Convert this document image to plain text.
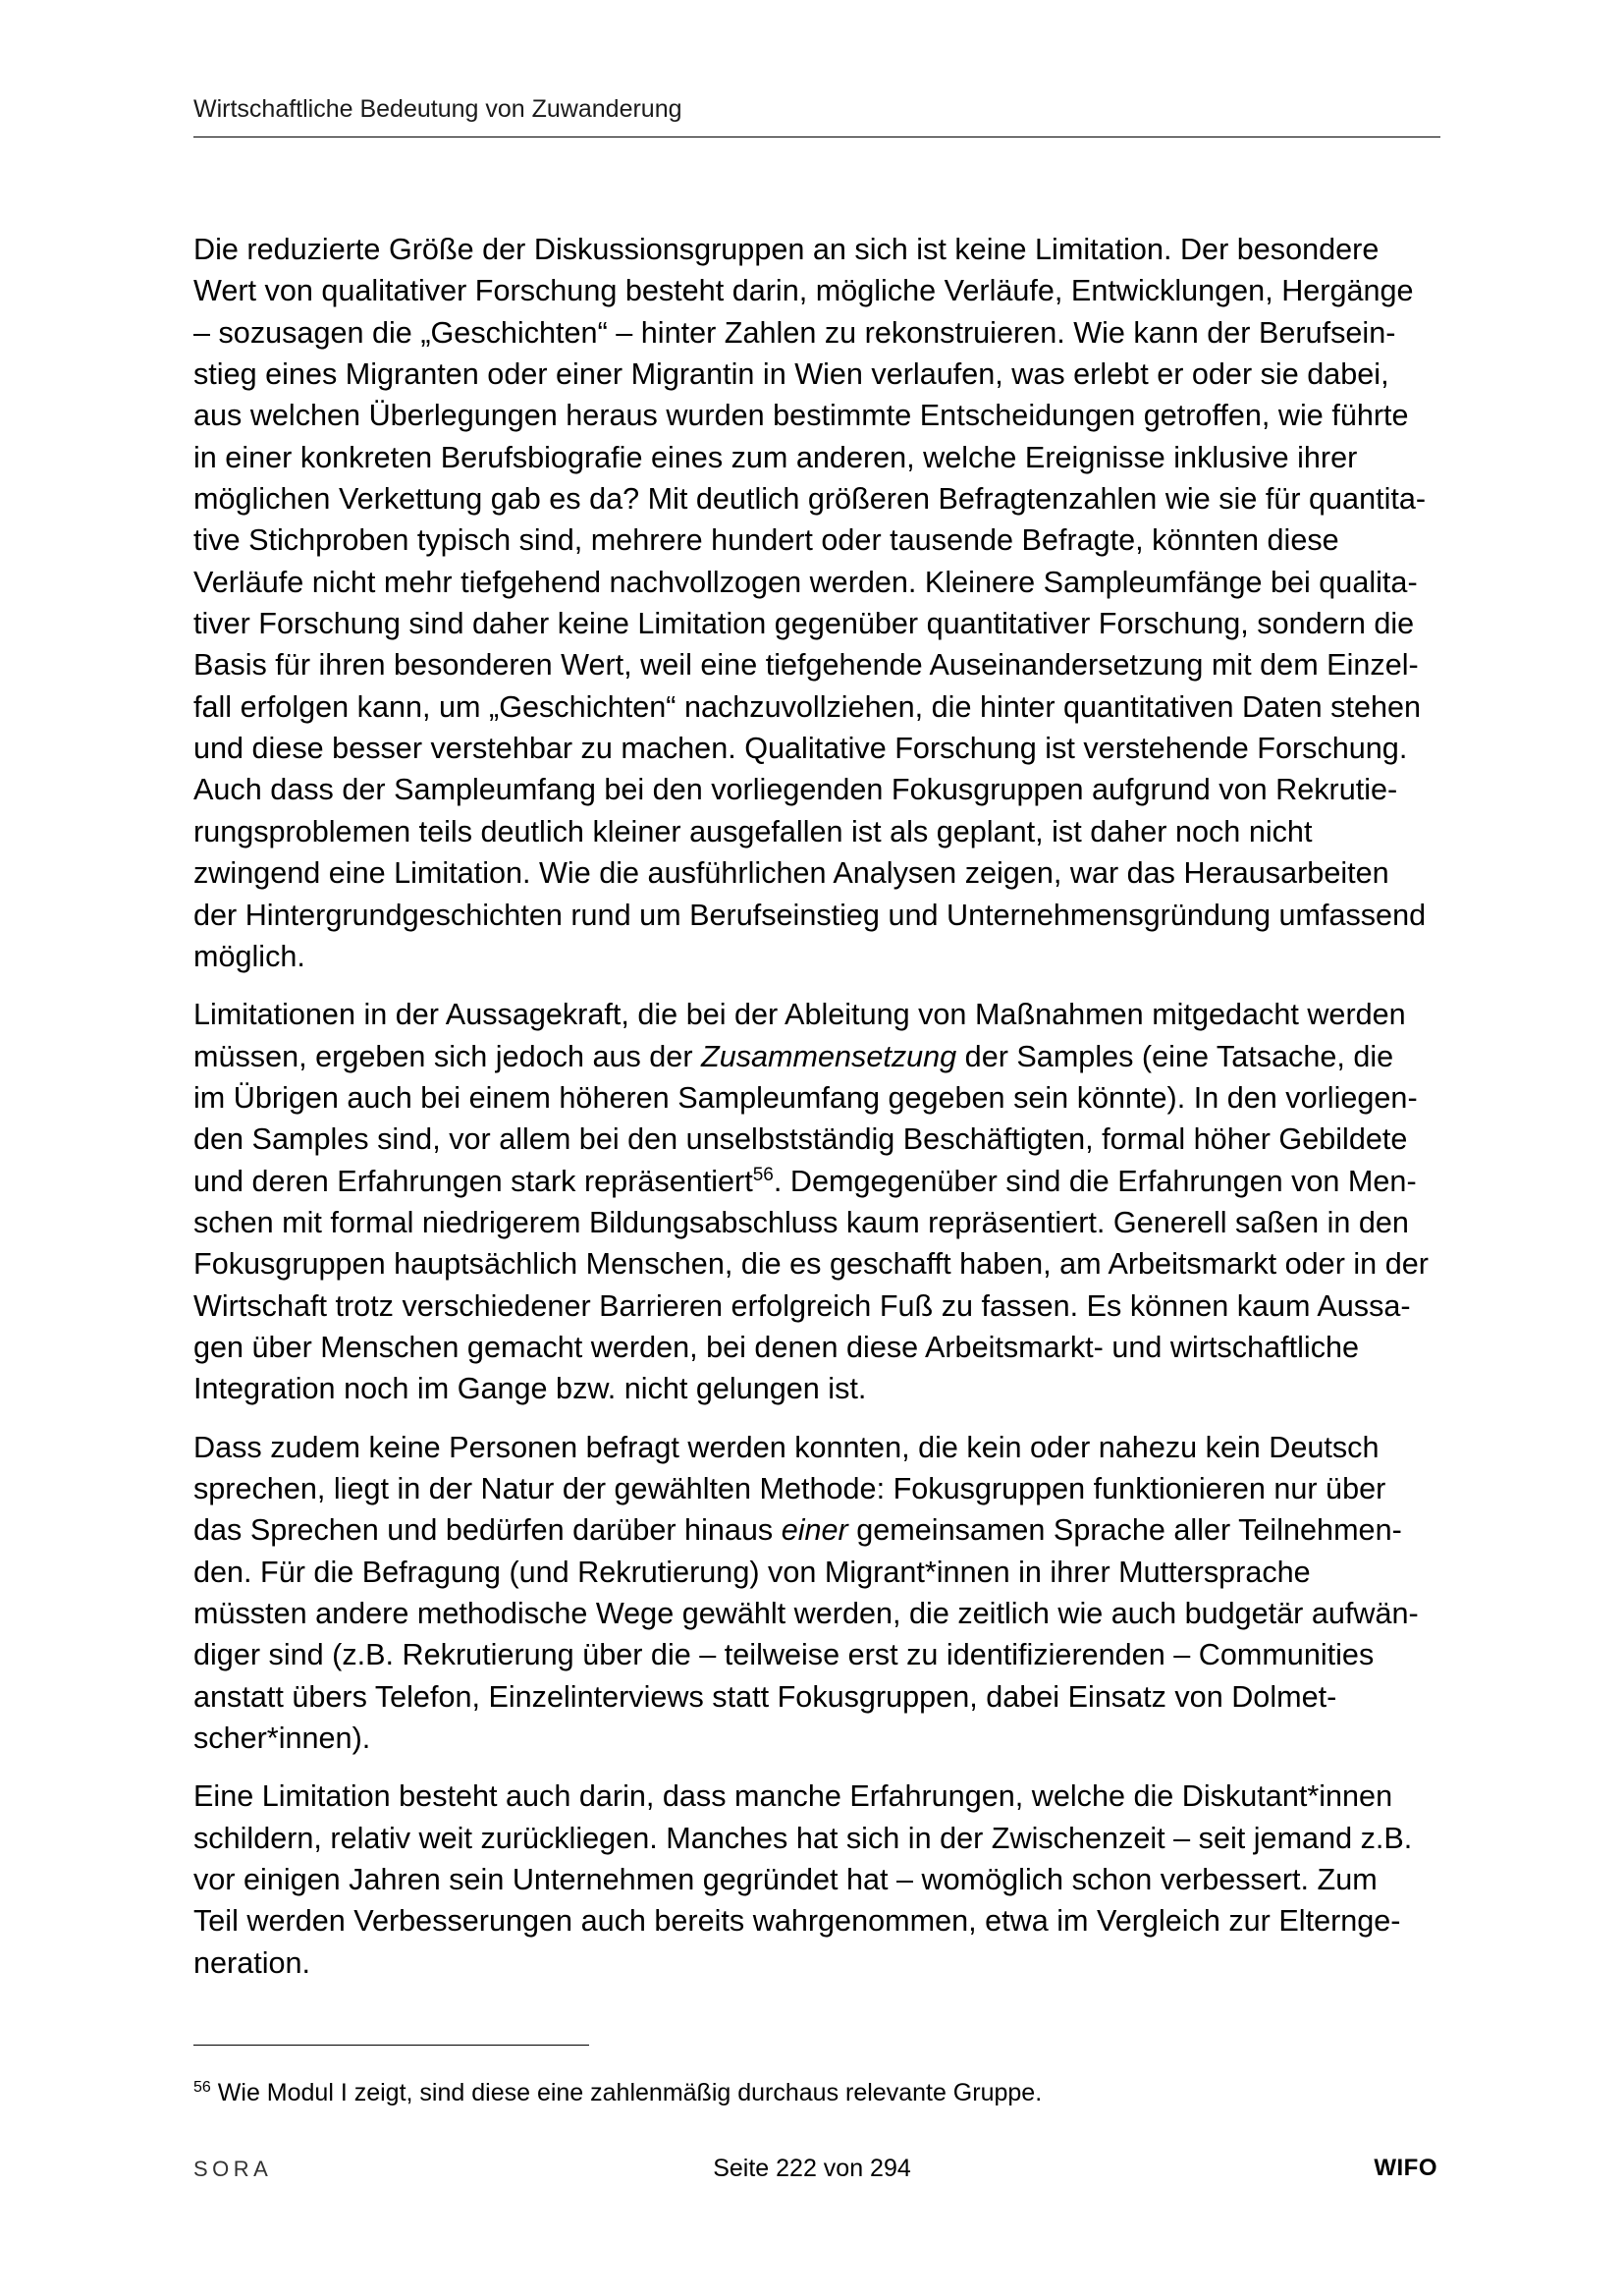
Wirtschaftliche Bedeutung von Zuwanderung
Die reduzierte Größe der Diskussionsgruppen an sich ist keine Limitation. Der besondere
Wert von qualitativer Forschung besteht darin, mögliche Verläufe, Entwicklungen, Hergänge
– sozusagen die „Geschichten“ – hinter Zahlen zu rekonstruieren. Wie kann der Berufsein-
stieg eines Migranten oder einer Migrantin in Wien verlaufen, was erlebt er oder sie dabei,
aus welchen Überlegungen heraus wurden bestimmte Entscheidungen getroffen, wie führte
in einer konkreten Berufsbiografie eines zum anderen, welche Ereignisse inklusive ihrer
möglichen Verkettung gab es da? Mit deutlich größeren Befragtenzahlen wie sie für quantita-
tive Stichproben typisch sind, mehrere hundert oder tausende Befragte, könnten diese
Verläufe nicht mehr tiefgehend nachvollzogen werden. Kleinere Sampleumfänge bei qualita-
tiver Forschung sind daher keine Limitation gegenüber quantitativer Forschung, sondern die
Basis für ihren besonderen Wert, weil eine tiefgehende Auseinandersetzung mit dem Einzel-
fall erfolgen kann, um „Geschichten“ nachzuvollziehen, die hinter quantitativen Daten stehen
und diese besser verstehbar zu machen. Qualitative Forschung ist verstehende Forschung.
Auch dass der Sampleumfang bei den vorliegenden Fokusgruppen aufgrund von Rekrutie-
rungsproblemen teils deutlich kleiner ausgefallen ist als geplant, ist daher noch nicht
zwingend eine Limitation. Wie die ausführlichen Analysen zeigen, war das Herausarbeiten
der Hintergrundgeschichten rund um Berufseinstieg und Unternehmensgründung umfassend
möglich.
Limitationen in der Aussagekraft, die bei der Ableitung von Maßnahmen mitgedacht werden
müssen, ergeben sich jedoch aus der Zusammensetzung der Samples (eine Tatsache, die
im Übrigen auch bei einem höheren Sampleumfang gegeben sein könnte). In den vorliegen-
den Samples sind, vor allem bei den unselbstständig Beschäftigten, formal höher Gebildete
und deren Erfahrungen stark repräsentiert$^{56}$. Demgegenüber sind die Erfahrungen von Men-
schen mit formal niedrigerem Bildungsabschluss kaum repräsentiert. Generell saßen in den
Fokusgruppen hauptsächlich Menschen, die es geschafft haben, am Arbeitsmarkt oder in der
Wirtschaft trotz verschiedener Barrieren erfolgreich Fuß zu fassen. Es können kaum Aussa-
gen über Menschen gemacht werden, bei denen diese Arbeitsmarkt- und wirtschaftliche
Integration noch im Gange bzw. nicht gelungen ist.
Dass zudem keine Personen befragt werden konnten, die kein oder nahezu kein Deutsch
sprechen, liegt in der Natur der gewählten Methode: Fokusgruppen funktionieren nur über
das Sprechen und bedürfen darüber hinaus einer gemeinsamen Sprache aller Teilnehmen-
den. Für die Befragung (und Rekrutierung) von Migrant*innen in ihrer Muttersprache
müssten andere methodische Wege gewählt werden, die zeitlich wie auch budgetär aufwän-
diger sind (z.B. Rekrutierung über die – teilweise erst zu identifizierenden – Communities
anstatt übers Telefon, Einzelinterviews statt Fokusgruppen, dabei Einsatz von Dolmet-
scher*innen).
Eine Limitation besteht auch darin, dass manche Erfahrungen, welche die Diskutant*innen
schildern, relativ weit zurückliegen. Manches hat sich in der Zwischenzeit – seit jemand z.B.
vor einigen Jahren sein Unternehmen gegründet hat – womöglich schon verbessert. Zum
Teil werden Verbesserungen auch bereits wahrgenommen, etwa im Vergleich zur Elternge-
neration.
$^{56}$ Wie Modul I zeigt, sind diese eine zahlenmäßig durchaus relevante Gruppe.
SORA	Seite 222 von 294	WIFO
